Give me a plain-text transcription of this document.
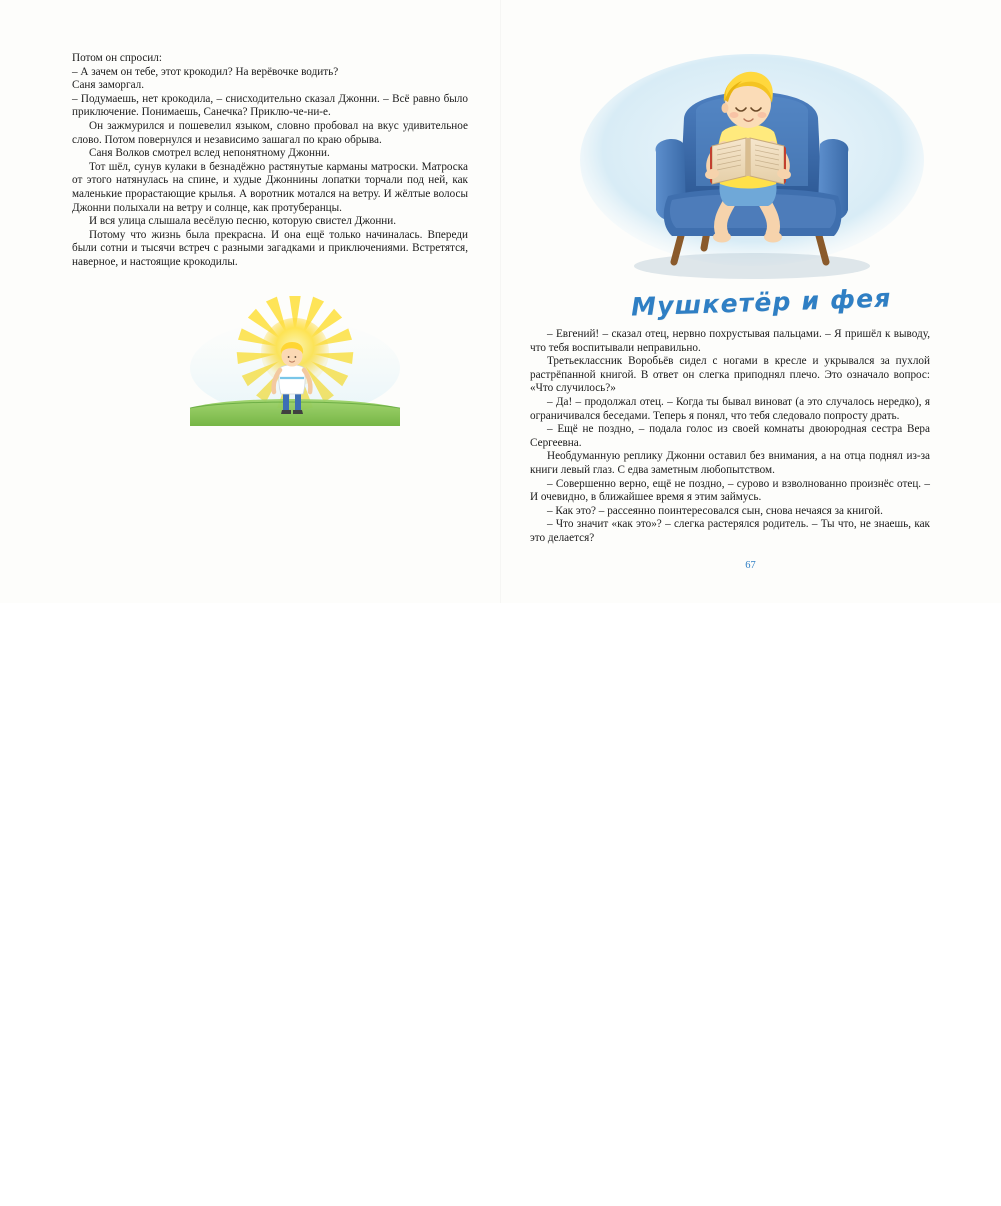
Потом он спросил:

– А зачем он тебе, этот крокодил? На верёвочке водить?

Саня заморгал.

– Подумаешь, нет крокодила, – снисходительно сказал Джонни. – Всё равно было приключение. Понимаешь, Санечка? Приклю-че-ни-е.

Он зажмурился и пошевелил языком, словно пробовал на вкус удивительное слово. Потом повернулся и независимо зашагал по краю обрыва.

Саня Волков смотрел вслед непонятному Джонни.

Тот шёл, сунув кулаки в безнадёжно растянутые карманы матроски. Матроска от этого натянулась на спине, и худые Джоннины лопатки торчали под ней, как маленькие прорастающие крылья. А воротник мотался на ветру. И жёлтые волосы Джонни полыхали на ветру и солнце, как протуберанцы.

И вся улица слышала весёлую песню, которую свистел Джонни.

Потому что жизнь была прекрасна. И она ещё только начиналась. Впереди были сотни и тысячи встреч с разными загадками и приключениями. Встретятся, наверное, и настоящие крокодилы.

Мушкетёр и фея

– Евгений! – сказал отец, нервно похрустывая пальцами. – Я пришёл к выводу, что тебя воспитывали неправильно.

Третьеклассник Воробьёв сидел с ногами в кресле и укрывался за пухлой растрёпанной книгой. В ответ он слегка приподнял плечо. Это означало вопрос: «Что случилось?»

– Да! – продолжал отец. – Когда ты бывал виноват (а это случалось нередко), я ограничивался беседами. Теперь я понял, что тебя следовало попросту драть.

– Ещё не поздно, – подала голос из своей комнаты двоюродная сестра Вера Сергеевна.

Необдуманную реплику Джонни оставил без внимания, а на отца поднял из-за книги левый глаз. С едва заметным любопытством.

– Совершенно верно, ещё не поздно, – сурово и взволнованно произнёс отец. – И очевидно, в ближайшее время я этим займусь.

– Как это? – рассеянно поинтересовался сын, снова нечаяся за книгой.

– Что значит «как это»? – слегка растерялся родитель. – Ты что, не знаешь, как это делается?

67
